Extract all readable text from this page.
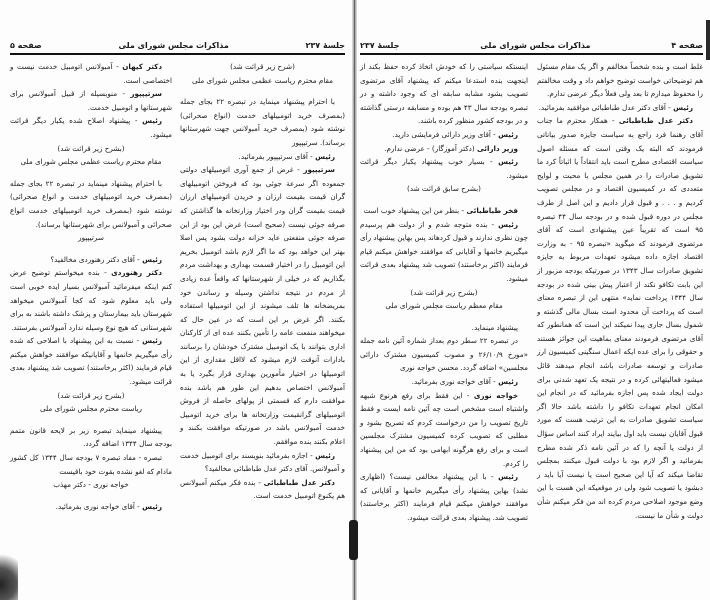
جلسهٔ ۲۳۷
مذاکرات مجلس شورای ملی
صفحه ۵

(شرح زیر قرائت شد)

مقام محترم ریاست عظمی مجلس شورای ملی

با احترام پیشنهاد مینماید در تبصره ۲۲ بجای جمله (بمصرف خرید اتومبیلهای خدمت (انواع صحرائی) نوشته شود (بمصرف خرید آمبولانس جهت شهرستانها برساند). سرتیپپور

رئیس - آقای سرتیپپور بفرمائید.

سرتیپپور - غرض از جمع آوری اتومبیلهای دولتی جمعوده اگر سرعة جوئی بود که فروختن اتومبیلهای گران قیمت بقیمت ارزان و خریدن اتومبیلهای ارزان قیمت بقیمت گران ودر اختیار وزارتخانه ها گذاشتن که صرفه جوئی نیست (صحیح است) غرض این بود از این صرفه جوئی منفعتی عاید خزانه دولت بشود پس اصلا بهتر این خواهد بود که ما اگر لازم باشد اتومبیل بخریم این اتومبیل را در اختیار قسمت بهداری و بهداشت مردم بگذاریم که در خیلی از شهرستانها که واقعاً عده زیادی از مردم در نتیجه نداشتن وسیله و رساندن خود بمریضخانه ها تلف میشوند از این اتومبیلها استفاده بکنند. اگر غرض بر این است که در عین حال که میخواهند منفعت عامه را تأمین بکنند عده ای از کارکنان اداری بتوانند با یک اتومبیل مشترک خودشان را برسانند بادارات آنوقت لازم میشود که لااقل مقداری از این اتومبیلها در اختیار مأمورین بهداری قرار بگیرد یا به آمبولانس اختصاص بدهیم این طور هم باشد بنده موافقت دارم که قسمتی از پولهای حاصله از فروش اتومبیلهای گرانقیمت وزارتخانه ها برای خرید اتومبیل خدمت آمبولانس باشد در صورتیکه موافقت بکنند و اعلام بکنند بنده موافقم.

رئیس - اجازه بفرمائید بنویسند برای اتومبیل خدمت و آمبولانس. آقای دکتر عدل طباطبائی مخالفید؟

دکتر عدل طباطبائی - بنده فکر میکنم آمبولانس هم یکنوع اتومبیل خدمت است.

دکتر کیهان - آمبولانس اتومبیل خدمت نیست و اختصاصی است.

سرتیپپور - منوبسیله از قبیل آمبولانس برای شهرستانها و اتومبیل خدمت.

رئیس - پیشنهاد اصلاح شده یکبار دیگر قرائت میشود.

(بشرح زیر قرائت شد)

مقام محترم ریاست عظمی مجلس شورای ملی

با احترام پیشنهاد مینماید در تبصره ۲۲ بجای جمله (بمصرف خرید اتومبیلهای خدمت و انواع صحرائی) نوشته شود (بمصرف خرید اتومبیلهای خدمت انواع صحرائی و آمبولانس برای شهرستانها برساند).

سرتیپپور

رئیس - آقای دکتر رهنوردی مخالفید؟

دکتر رهنوردی - بنده میخواستم توضیح عرض کنم اینکه میفرمائید آمبولانس بسیار ایده خوبی است ولی باید معلوم شود که کجا آمبولانس میخواهد شهرستان باید بیمارستان و پزشک داشته باشند به برای شهرستانی که هیچ نوع وسیله ندارد آمبولانس بفرستند.

رئیس - نسبت به این پیشنهاد با اصلاحی که شده رأی میگیریم خانمها و آقایانیکه موافقند خواهش میکنم قیام فرمایند (اکثر برخاستند) تصویب شد پیشنهاد بعدی قرائت میشود.

(بشرح زیر قرائت شد)

ریاست محترم مجلس شورای ملی

پیشنهاد مینماید تبصره زیر بر لایحه قانون متمم بودجه سال ۱۳۴۴ اضافه گردد.

تبصره - مفاد تبصره ۷ بودجه سال ۱۳۴۴ کل کشور مادام که لغو نشده بقوت خود باقیست

خواجه نوری - دکتر مهذب

رئیس - آقای خواجه نوری بفرمائید.

صفحه ۴
مذاکرات مجلس شورای ملی
جلسهٔ ۲۳۷

غلط است و بنده شخصاً مخالفم و اگر یک مقام مسئول هم توضیحاتی خواست توضیح خواهم داد و وقت مخالفتم را محفوظ میدارم تا بعد ولی فعلاً دیگر عرضی ندارم.

رئیس - آقای دکتر عدل طباطبائی موافقید بفرمائید.

دکتر عدل طباطبائی - همکار محترم ما جناب آقای رهنما فرد راجع به سیاست جایزه صدور بیاناتی فرمودند که البته یک وقتی است که مسئله اصول سیاست اقتصادی مطرح است باید انتقاداً یا اثباتاً کرد ما تشویق صادرات را در همین مجلس با محبت و لوایح متعددی که در کمیسیون اقتصاد و در مجلس تصویب کردیم و . . . و قبول قرار دادیم و این اصل از طرف مجلس در دوره قبول شده و در بودجه سال ۴۴ تبصره ۹۵ است که تقریباً عین پیشنهادی است که آقای مرتضوی فرمودند که میگوید «تبصره ۹۵ - به وزارت اقتصاد اجازه داده میشود تعهدات مربوط به جایزه تشویق صادرات سال ۱۳۴۳ در صورتیکه بودجه مزبور از این بابت تکافو نکند از اعتبار پیش بینی شده در بودجه سال ۱۳۴۴ پرداخت نماید» منتهی این از تبصره معنای است که پرداخت آن محدود است بسال مالی گذشته و شمول بسال جاری پیدا نمیکند این است که همانطور که آقای مرتضوی فرمودند معنای بماهیت این جوائز هستند و حقوقی را برای عده ایکه اعمال سنگینی کمیسیون ارز صادرات و توسعه صادرات باشد انجام میدهند قائل میشود فعالیتهائی کرده و در نتیجه یک تعهد شدنی برای دولت ایجاد شده پس اجازه بفرمائید که در انجام این امکان انجام تعهدات تکافو را داشته باشد حالا اگر سیاست تشویق صادرات به این ترتیب هست که مورد قبول آقایان نیست باید اول بیایند ایراد کنند اساس سؤال از دولت یا آنچه را که در آئین نامه ذکر شده مطرح بفرمائید و اگر لازم بود با دولت قبول میکنند بمجلس تقاضا میکند که آیا این صحیح است یا نیست آیا باید ر دبشود یا تصویب شود ولی در موقعیکه این هست با این وضع موجود اصلاحی مردم کرده اند من فکر میکنم شأن دولت و شأن ما نیست.

اینستکه سیاستی را که خودش اتخاذ کرده حفظ بکند از اینجهت بنده استدعا میکنم که پیشنهاد آقای مرتضوی تصویب بشود مشابه سابقه ای که وجود داشته و در تبصره بودجه سال ۴۳ هم بوده و مسابقه درستی گذاشته و در بودجه کشور منظور کرده باشند.

رئیس - آقای وزیر دارائی فرمایشی دارید.

وزیر دارائی (دکتر آموزگار) - عرضی ندارم.

رئیس - بسیار خوب پیشنهاد یکبار دیگر قرائت میشود.

(بشرح سابق قرائت شد)

فخر طباطبائی - بنظر من این پیشنهاد خوب است

رئیس - بنده متوجه شدم و از دولت هم پرسیدم چون نظری ندارند و قبول کردهاند پس بهاین پیشنهاد رأی میگیریم خانمها و آقایانی که موافقند خواهش میکنم قیام فرمایند (اکثر برخاستند) تصویب شد پیشنهاد بعدی قرائت میشود.

(بشرح زیر قرائت شد)

مقام معظم ریاست مجلس شورای ملی

پیشنهاد مینماید.

در تبصره ۲۲ سطر دوم بعداز شماره آئین نامه جمله «مورخ ۲۶/۱۰/۹ و مصوب کمیسیون مشترک دارائی مجلسین» اضافه گردد. محسن خواجه نوری

رئیس - آقای خواجه نوری بفرمائید.

خواجه نوری - این فقط برای رفع هرنوع شبهه واشتباه است مشخص است چه آئین نامه ایست و فقط تاریخ تصویب را من درخواست کردم که تصریح بشود و مطلبی که تصویب کرده کمیسیون مشترک مجلسین است و برای رفع هرگونه ابهامی بود که من این پیشنهاد را کردم.

رئیس - با این پیشنهاد مخالفی نیست؟ (اظهاری نشد) بهاین پیشنهاد رأی میگیریم خانمها و آقایانی که موافقند خواهش میکنم قیام فرمایند (اکثر برخاستند) تصویب شد. پیشنهاد بعدی قرائت میشود.
